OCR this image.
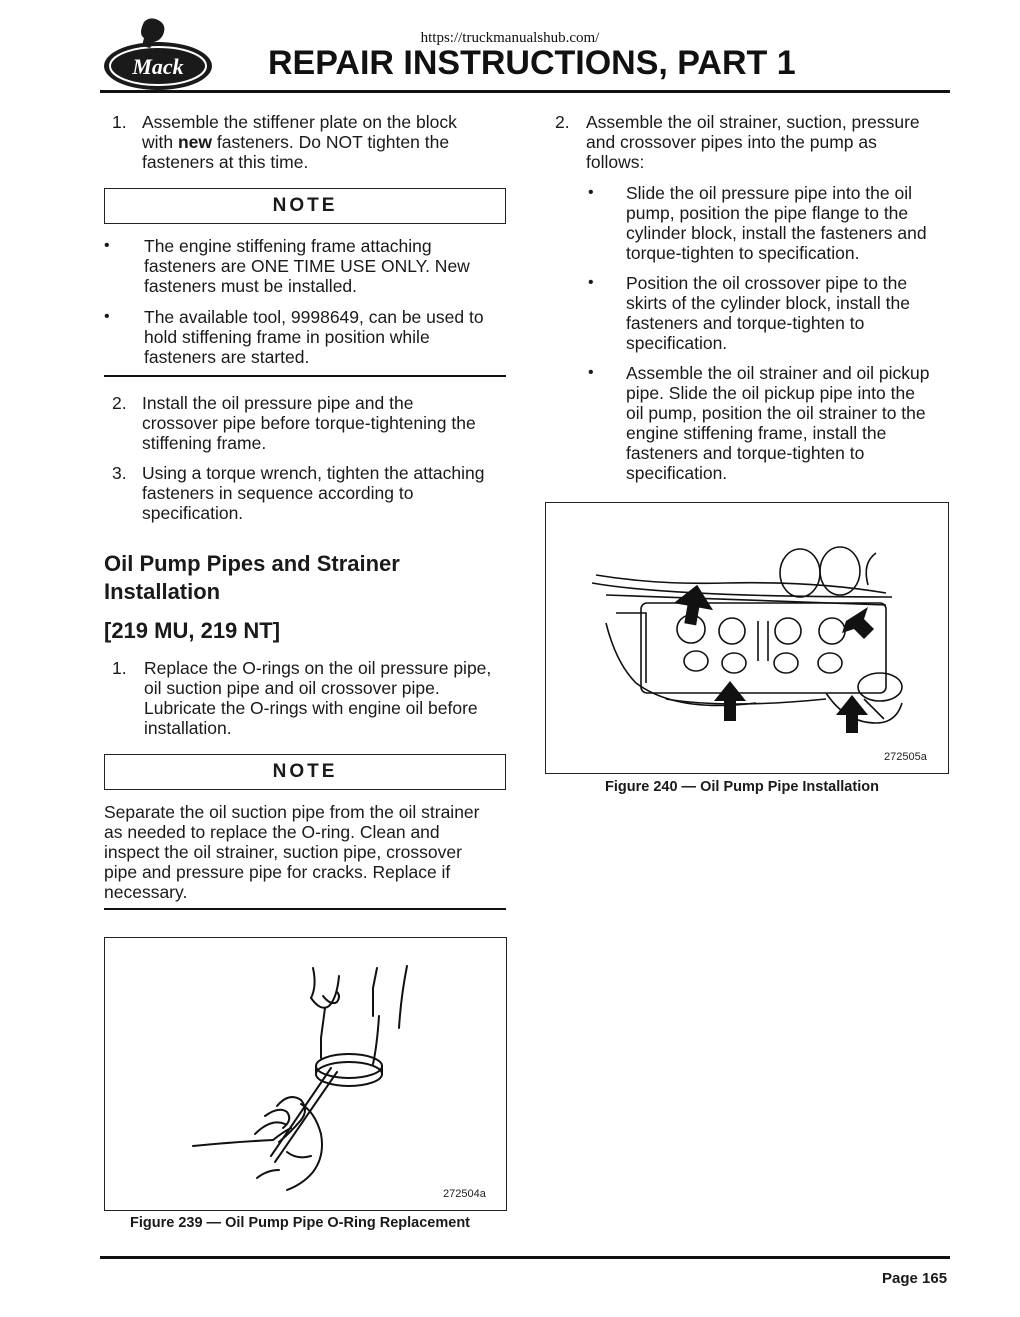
https://truckmanualshub.com/
Mack REPAIR INSTRUCTIONS, PART 1
1. Assemble the stiffener plate on the block
with new fasteners. Do NOT tighten the
fasteners at this time.
NOTE
• The engine stiffening frame attaching
fasteners are ONE TIME USE ONLY. New
fasteners must be installed.
• The available tool, 9998649, can be used to
hold stiffening frame in position while
fasteners are started.
2. Install the oil pressure pipe and the
crossover pipe before torque-tightening the
stiffening frame.
3. Using a torque wrench, tighten the attaching
fasteners in sequence according to
specification.
Oil Pump Pipes and Strainer
Installation
[219 MU, 219 NT]
1. Replace the O-rings on the oil pressure pipe,
oil suction pipe and oil crossover pipe.
Lubricate the O-rings with engine oil before
installation.
NOTE
Separate the oil suction pipe from the oil strainer
as needed to replace the O-ring. Clean and
inspect the oil strainer, suction pipe, crossover
pipe and pressure pipe for cracks. Replace if
necessary.
272504a
Figure 239 — Oil Pump Pipe O-Ring Replacement
2. Assemble the oil strainer, suction, pressure
and crossover pipes into the pump as
follows:
• Slide the oil pressure pipe into the oil
pump, position the pipe flange to the
cylinder block, install the fasteners and
torque-tighten to specification.
• Position the oil crossover pipe to the
skirts of the cylinder block, install the
fasteners and torque-tighten to
specification.
• Assemble the oil strainer and oil pickup
pipe. Slide the oil pickup pipe into the
oil pump, position the oil strainer to the
engine stiffening frame, install the
fasteners and torque-tighten to
specification.
272505a
Figure 240 — Oil Pump Pipe Installation
Page 165
